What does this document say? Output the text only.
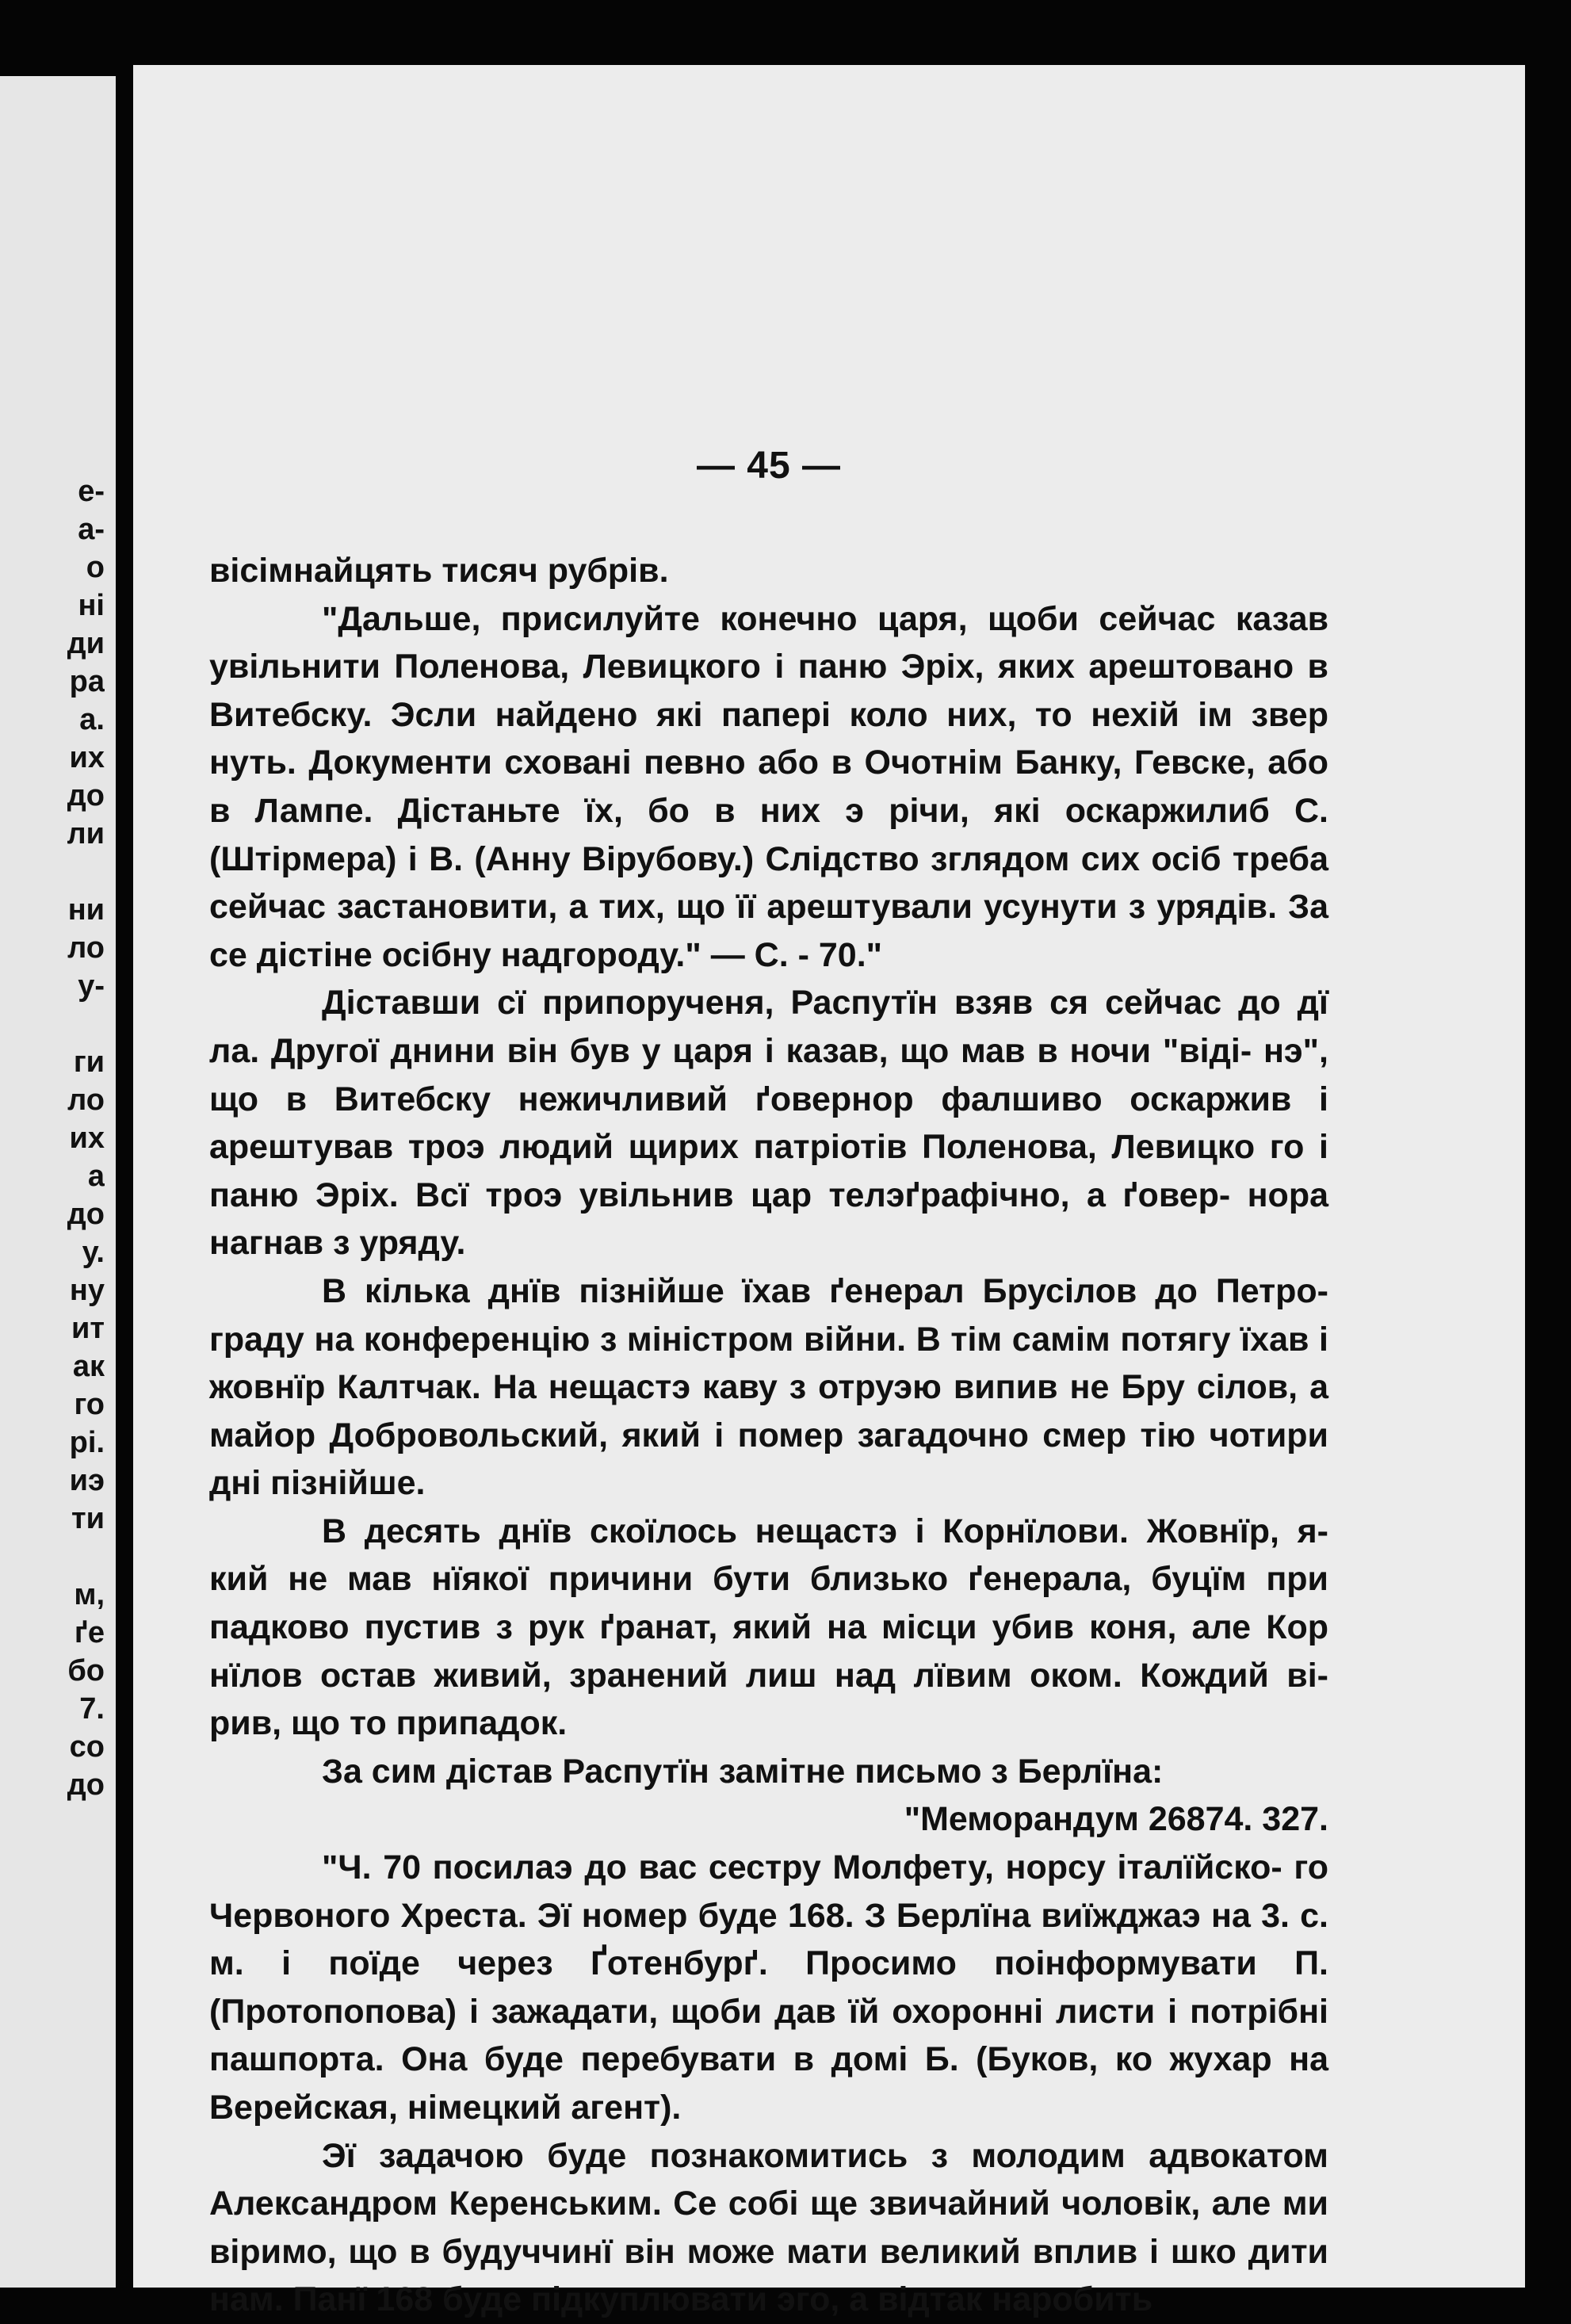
е-
а-
о
ні
ди
ра
а.
их
до
ли
ни
ло
у-
ги
ло
их
а
до
у.
ну
ит
ак
го
рі.
иэ
ти
м,
ґе
бо
7.
со
до
— 45 —

вісімнайцять тисяч рубрів.

"Дальше, присилуйте конечно царя, щоби сейчас казав увільнити Поленова, Левицкого і паню Эріх, яких арештовано в Витебску. Эсли найдено які папері коло них, то нехій ім звер нуть. Документи сховані певно або в Очотнім Банку, Гевске, або в Лампе. Дістаньте їх, бо в них э річи, які оскаржилиб С. (Штірмера) і В. (Анну Вірубову.) Слідство зглядом сих осіб треба сейчас застановити, а тих, що її арештували усунути з урядів. За се дістіне осібну надгороду." — С. - 70."

Діставши сї припорученя, Распутїн взяв ся сейчас до дї ла. Другої днини він був у царя і казав, що мав в ночи "віді- нэ", що в Витебску нежичливий ґовернор фалшиво оскаржив і арештував троэ людий щирих патріотів Поленова, Левицко го і паню Эріх. Всї троэ увільнив цар телэґрафічно, а ґовер- нора нагнав з уряду.

В кілька днїв пізнійше їхав ґенерал Брусілов до Петро- граду на конференцію з міністром війни. В тім самім потягу їхав і жовнїр Калтчак. На нещастэ каву з отруэю випив не Бру сілов, а майор Добровольский, який і помер загадочно смер тію чотири дні пізнійше.

В десять днїв скоїлось нещастэ і Корнїлови. Жовнїр, я- кий не мав нїякої причини бути близько ґенерала, буцїм при падково пустив з рук ґранат, який на місци убив коня, але Кор нїлов остав живий, зранений лиш над лївим оком. Кождий ві- рив, що то припадок.

За сим дістав Распутїн замітне письмо з Берлїна:

"Меморандум 26874. 327.

"Ч. 70 посилаэ до вас сестру Молфету, норсу італїйско- го Червоного Хреста. Эї номер буде 168. З Берлїна виїжджаэ на 3. с. м. і поїде через Ґотенбурґ. Просимо поінформувати П. (Протопопова) і зажадати, щоби дав їй охоронні листи і потрібні пашпорта. Она буде перебувати в домі Б. (Буков, ко жухар на Верейская, німецкий агент).

Эї задачою буде познакомитись з молодим адвокатом Александром Керенським. Се собі ще звичайний чоловік, але ми віримо, що в будуччинї він може мати великий вплив і шко дити нам. Панї 168 буде підкуплювати эго, а відтак наробить
